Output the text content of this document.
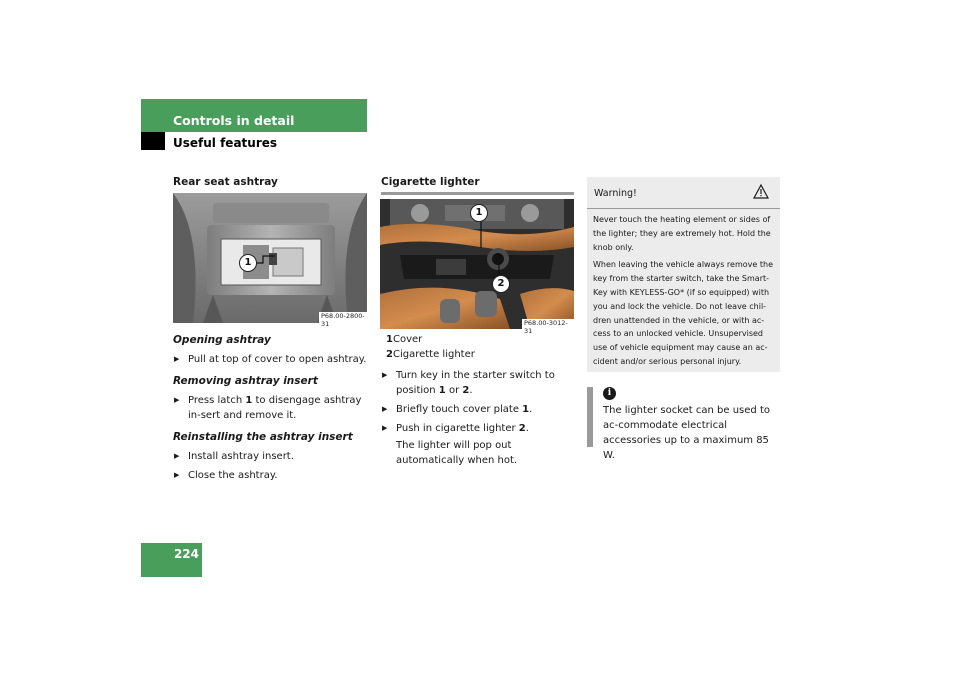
Controls in detail
Useful features
Rear seat ashtray
1
P68.00-2800-31
Opening ashtray
▶ Pull at top of cover to open ashtray.
Removing ashtray insert
▶ Press latch 1 to disengage ashtray in-sert and remove it.
Reinstalling the ashtray insert
▶ Install ashtray insert.
▶ Close the ashtray.
Cigarette lighter
1
2
P68.00-3012-31
1Cover
2Cigarette lighter
▶ Turn key in the starter switch to position 1 or 2.
▶ Briefly touch cover plate 1.
▶ Push in cigarette lighter 2.
The lighter will pop out automatically when hot.
Warning!

Never touch the heating element or sides of the lighter; they are extremely hot. Hold the knob only.

When leaving the vehicle always remove the key from the starter switch, take the Smart-Key with KEYLESS-GO* (if so equipped) with you and lock the vehicle. Do not leave chil-dren unattended in the vehicle, or with ac-cess to an unlocked vehicle. Unsupervised use of vehicle equipment may cause an ac-cident and/or serious personal injury.

i
The lighter socket can be used to ac-commodate electrical accessories up to a maximum 85 W.
224
